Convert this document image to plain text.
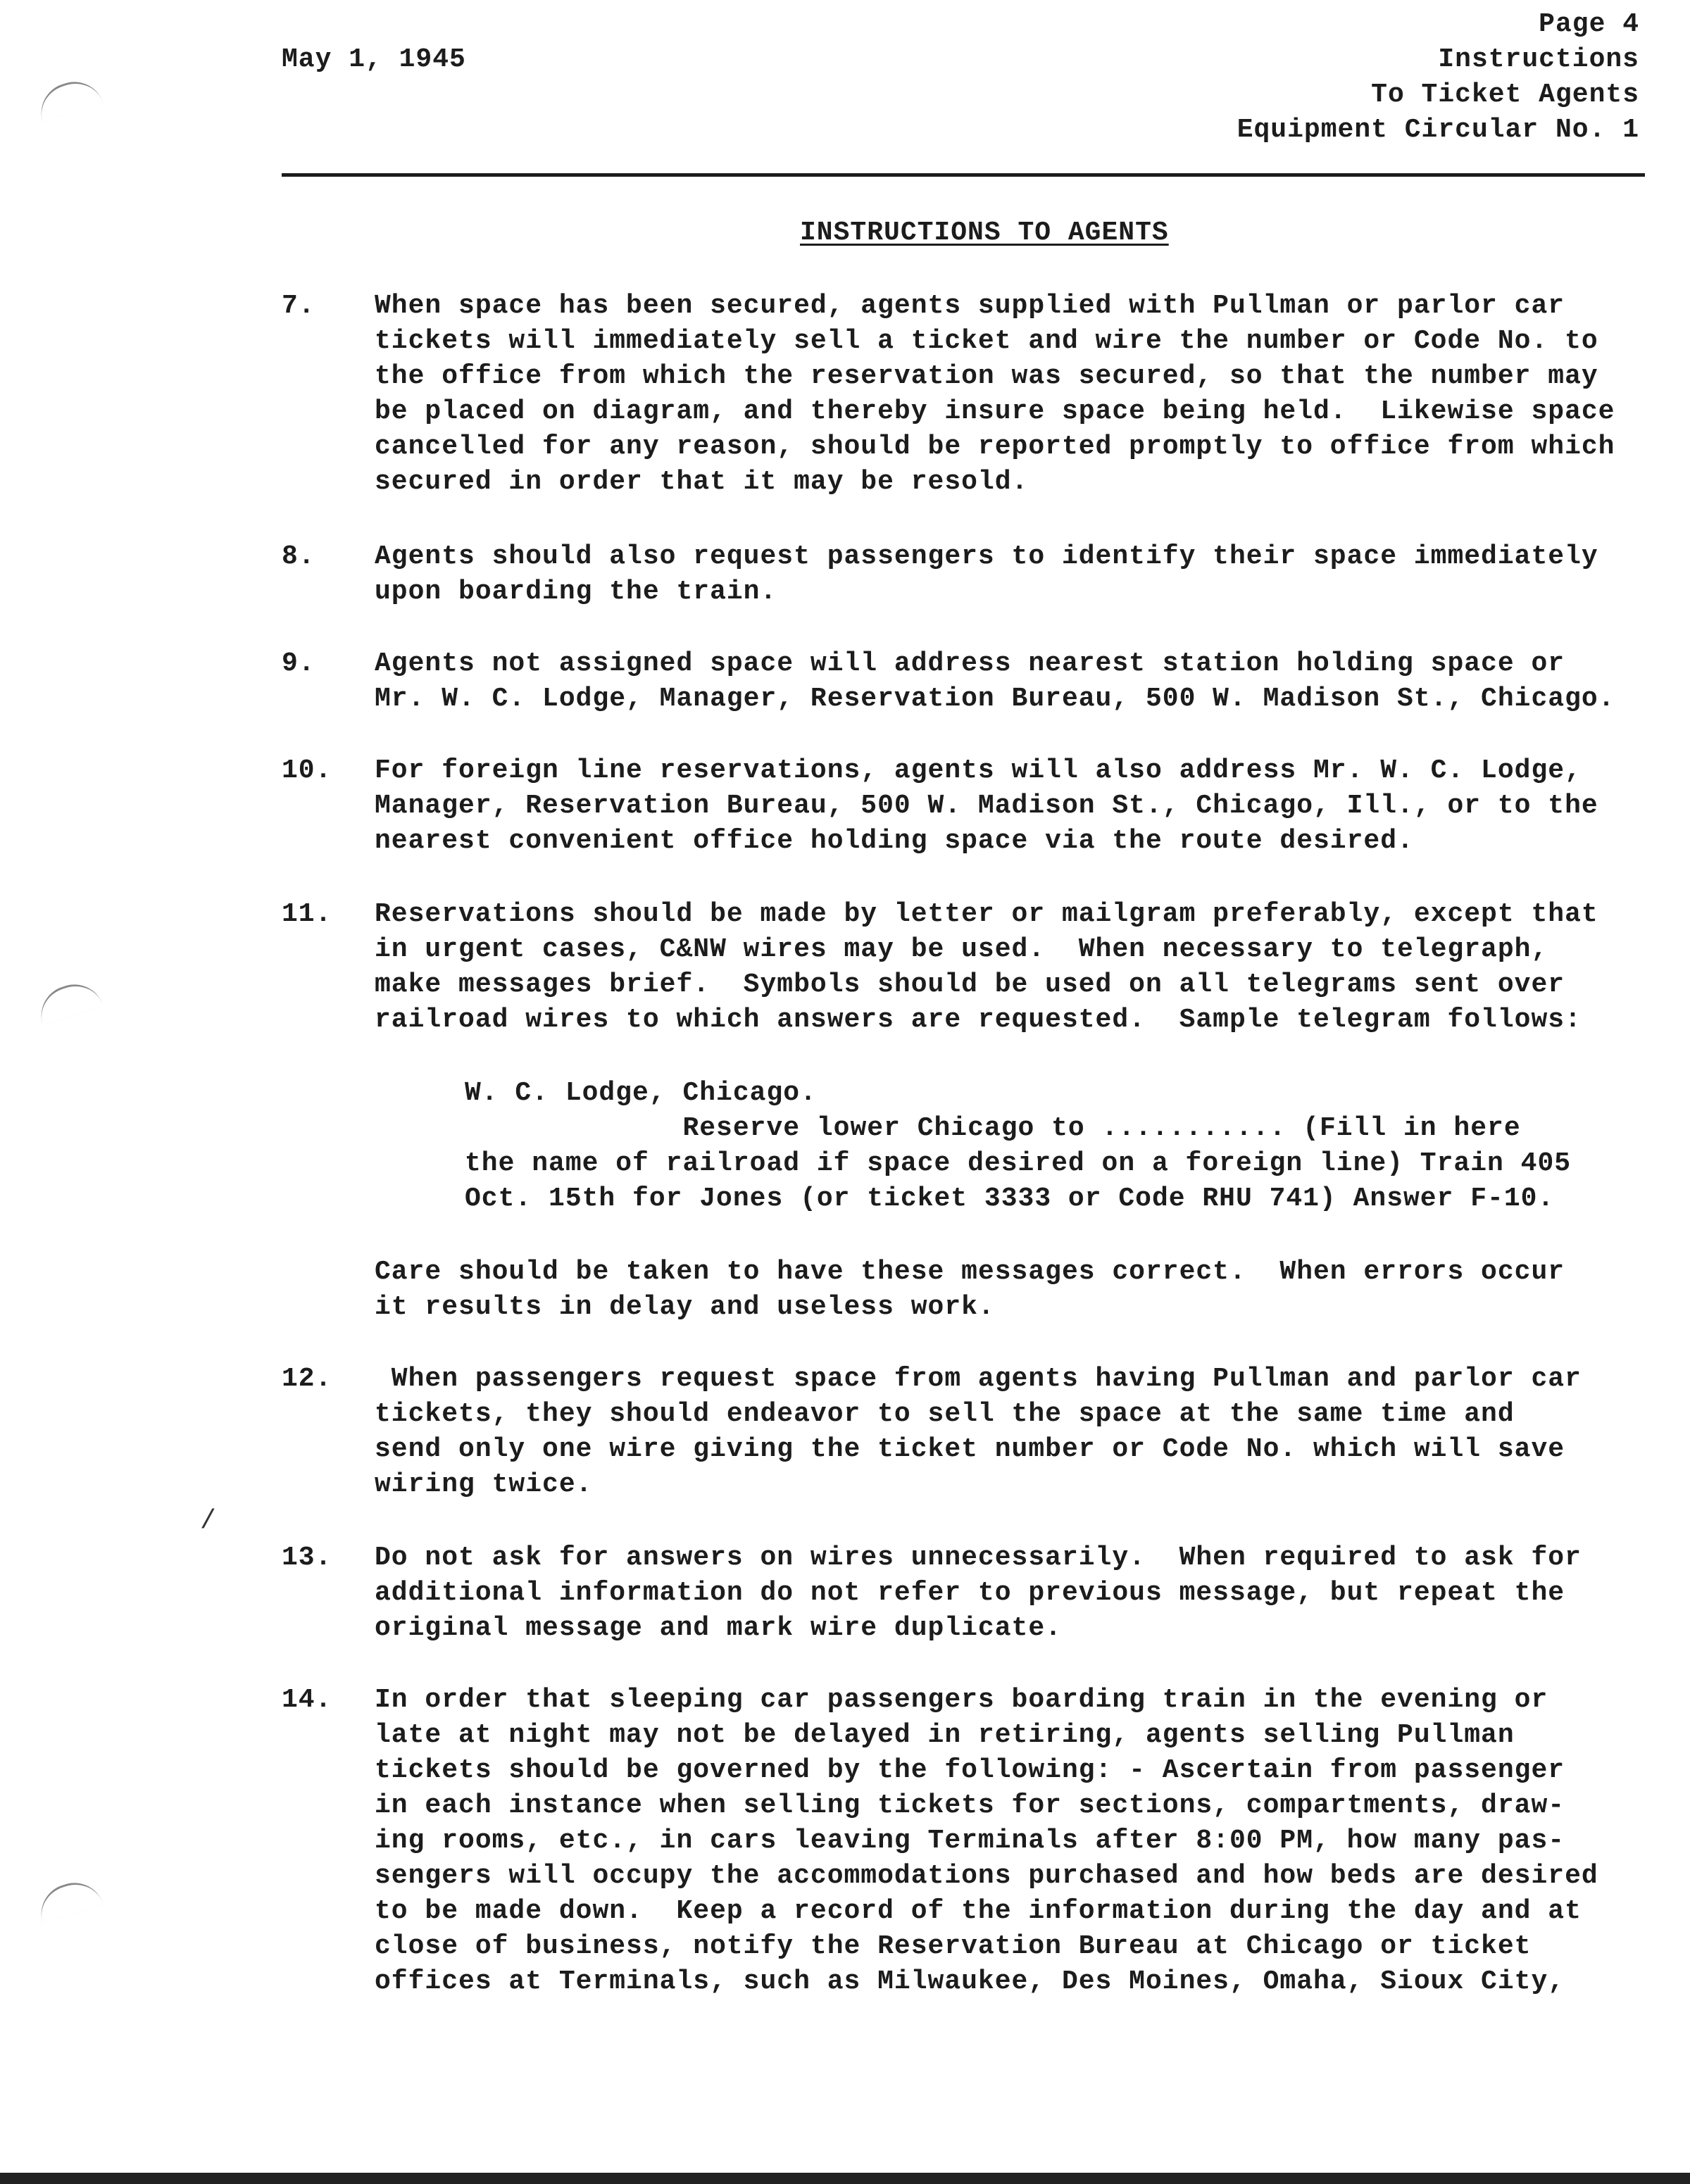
May 1, 1945
Page 4
Instructions
To Ticket Agents
Equipment Circular No. 1
INSTRUCTIONS TO AGENTS
7.	When space has been secured, agents supplied with Pullman or parlor car
tickets will immediately sell a ticket and wire the number or Code No. to
the office from which the reservation was secured, so that the number may
be placed on diagram, and thereby insure space being held.  Likewise space
cancelled for any reason, should be reported promptly to office from which
secured in order that it may be resold.
8.	Agents should also request passengers to identify their space immediately
upon boarding the train.
9.	Agents not assigned space will address nearest station holding space or
Mr. W. C. Lodge, Manager, Reservation Bureau, 500 W. Madison St., Chicago.
10.	For foreign line reservations, agents will also address Mr. W. C. Lodge,
Manager, Reservation Bureau, 500 W. Madison St., Chicago, Ill., or to the
nearest convenient office holding space via the route desired.
11.	Reservations should be made by letter or mailgram preferably, except that
in urgent cases, C&NW wires may be used.  When necessary to telegraph,
make messages brief.  Symbols should be used on all telegrams sent over
railroad wires to which answers are requested.  Sample telegram follows:
W. C. Lodge, Chicago.
Reserve lower Chicago to ........... (Fill in here
the name of railroad if space desired on a foreign line) Train 405
Oct. 15th for Jones (or ticket 3333 or Code RHU 741) Answer F-10.
Care should be taken to have these messages correct.  When errors occur
it results in delay and useless work.
12.	When passengers request space from agents having Pullman and parlor car
tickets, they should endeavor to sell the space at the same time and
send only one wire giving the ticket number or Code No. which will save
wiring twice.
13.	Do not ask for answers on wires unnecessarily.  When required to ask for
additional information do not refer to previous message, but repeat the
original message and mark wire duplicate.
14.	In order that sleeping car passengers boarding train in the evening or
late at night may not be delayed in retiring, agents selling Pullman
tickets should be governed by the following: - Ascertain from passenger
in each instance when selling tickets for sections, compartments, draw-
ing rooms, etc., in cars leaving Terminals after 8:00 PM, how many pas-
sengers will occupy the accommodations purchased and how beds are desired
to be made down.  Keep a record of the information during the day and at
close of business, notify the Reservation Bureau at Chicago or ticket
offices at Terminals, such as Milwaukee, Des Moines, Omaha, Sioux City,
/
